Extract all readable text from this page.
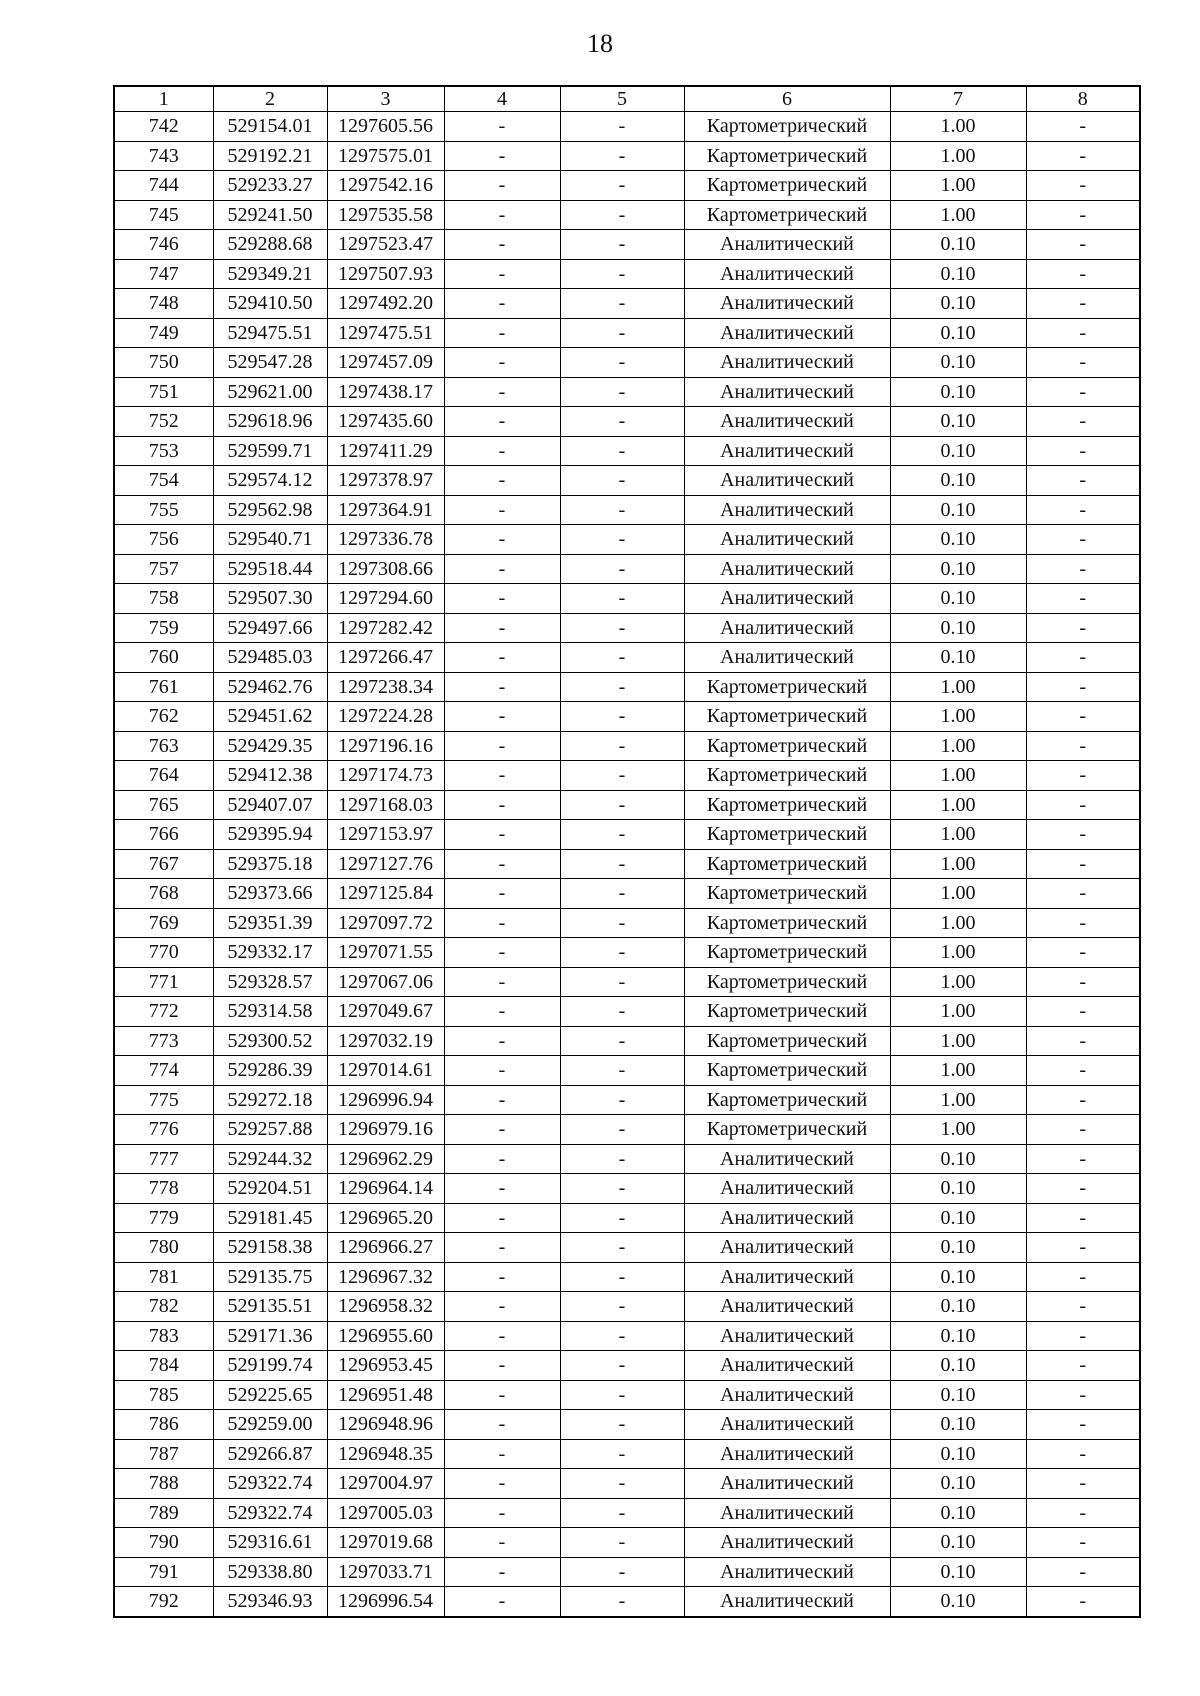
18
1	2	3	4	5	6	7	8
742	529154.01	1297605.56	-	-	Картометрический	1.00	-
743	529192.21	1297575.01	-	-	Картометрический	1.00	-
744	529233.27	1297542.16	-	-	Картометрический	1.00	-
745	529241.50	1297535.58	-	-	Картометрический	1.00	-
746	529288.68	1297523.47	-	-	Аналитический	0.10	-
747	529349.21	1297507.93	-	-	Аналитический	0.10	-
748	529410.50	1297492.20	-	-	Аналитический	0.10	-
749	529475.51	1297475.51	-	-	Аналитический	0.10	-
750	529547.28	1297457.09	-	-	Аналитический	0.10	-
751	529621.00	1297438.17	-	-	Аналитический	0.10	-
752	529618.96	1297435.60	-	-	Аналитический	0.10	-
753	529599.71	1297411.29	-	-	Аналитический	0.10	-
754	529574.12	1297378.97	-	-	Аналитический	0.10	-
755	529562.98	1297364.91	-	-	Аналитический	0.10	-
756	529540.71	1297336.78	-	-	Аналитический	0.10	-
757	529518.44	1297308.66	-	-	Аналитический	0.10	-
758	529507.30	1297294.60	-	-	Аналитический	0.10	-
759	529497.66	1297282.42	-	-	Аналитический	0.10	-
760	529485.03	1297266.47	-	-	Аналитический	0.10	-
761	529462.76	1297238.34	-	-	Картометрический	1.00	-
762	529451.62	1297224.28	-	-	Картометрический	1.00	-
763	529429.35	1297196.16	-	-	Картометрический	1.00	-
764	529412.38	1297174.73	-	-	Картометрический	1.00	-
765	529407.07	1297168.03	-	-	Картометрический	1.00	-
766	529395.94	1297153.97	-	-	Картометрический	1.00	-
767	529375.18	1297127.76	-	-	Картометрический	1.00	-
768	529373.66	1297125.84	-	-	Картометрический	1.00	-
769	529351.39	1297097.72	-	-	Картометрический	1.00	-
770	529332.17	1297071.55	-	-	Картометрический	1.00	-
771	529328.57	1297067.06	-	-	Картометрический	1.00	-
772	529314.58	1297049.67	-	-	Картометрический	1.00	-
773	529300.52	1297032.19	-	-	Картометрический	1.00	-
774	529286.39	1297014.61	-	-	Картометрический	1.00	-
775	529272.18	1296996.94	-	-	Картометрический	1.00	-
776	529257.88	1296979.16	-	-	Картометрический	1.00	-
777	529244.32	1296962.29	-	-	Аналитический	0.10	-
778	529204.51	1296964.14	-	-	Аналитический	0.10	-
779	529181.45	1296965.20	-	-	Аналитический	0.10	-
780	529158.38	1296966.27	-	-	Аналитический	0.10	-
781	529135.75	1296967.32	-	-	Аналитический	0.10	-
782	529135.51	1296958.32	-	-	Аналитический	0.10	-
783	529171.36	1296955.60	-	-	Аналитический	0.10	-
784	529199.74	1296953.45	-	-	Аналитический	0.10	-
785	529225.65	1296951.48	-	-	Аналитический	0.10	-
786	529259.00	1296948.96	-	-	Аналитический	0.10	-
787	529266.87	1296948.35	-	-	Аналитический	0.10	-
788	529322.74	1297004.97	-	-	Аналитический	0.10	-
789	529322.74	1297005.03	-	-	Аналитический	0.10	-
790	529316.61	1297019.68	-	-	Аналитический	0.10	-
791	529338.80	1297033.71	-	-	Аналитический	0.10	-
792	529346.93	1296996.54	-	-	Аналитический	0.10	-
